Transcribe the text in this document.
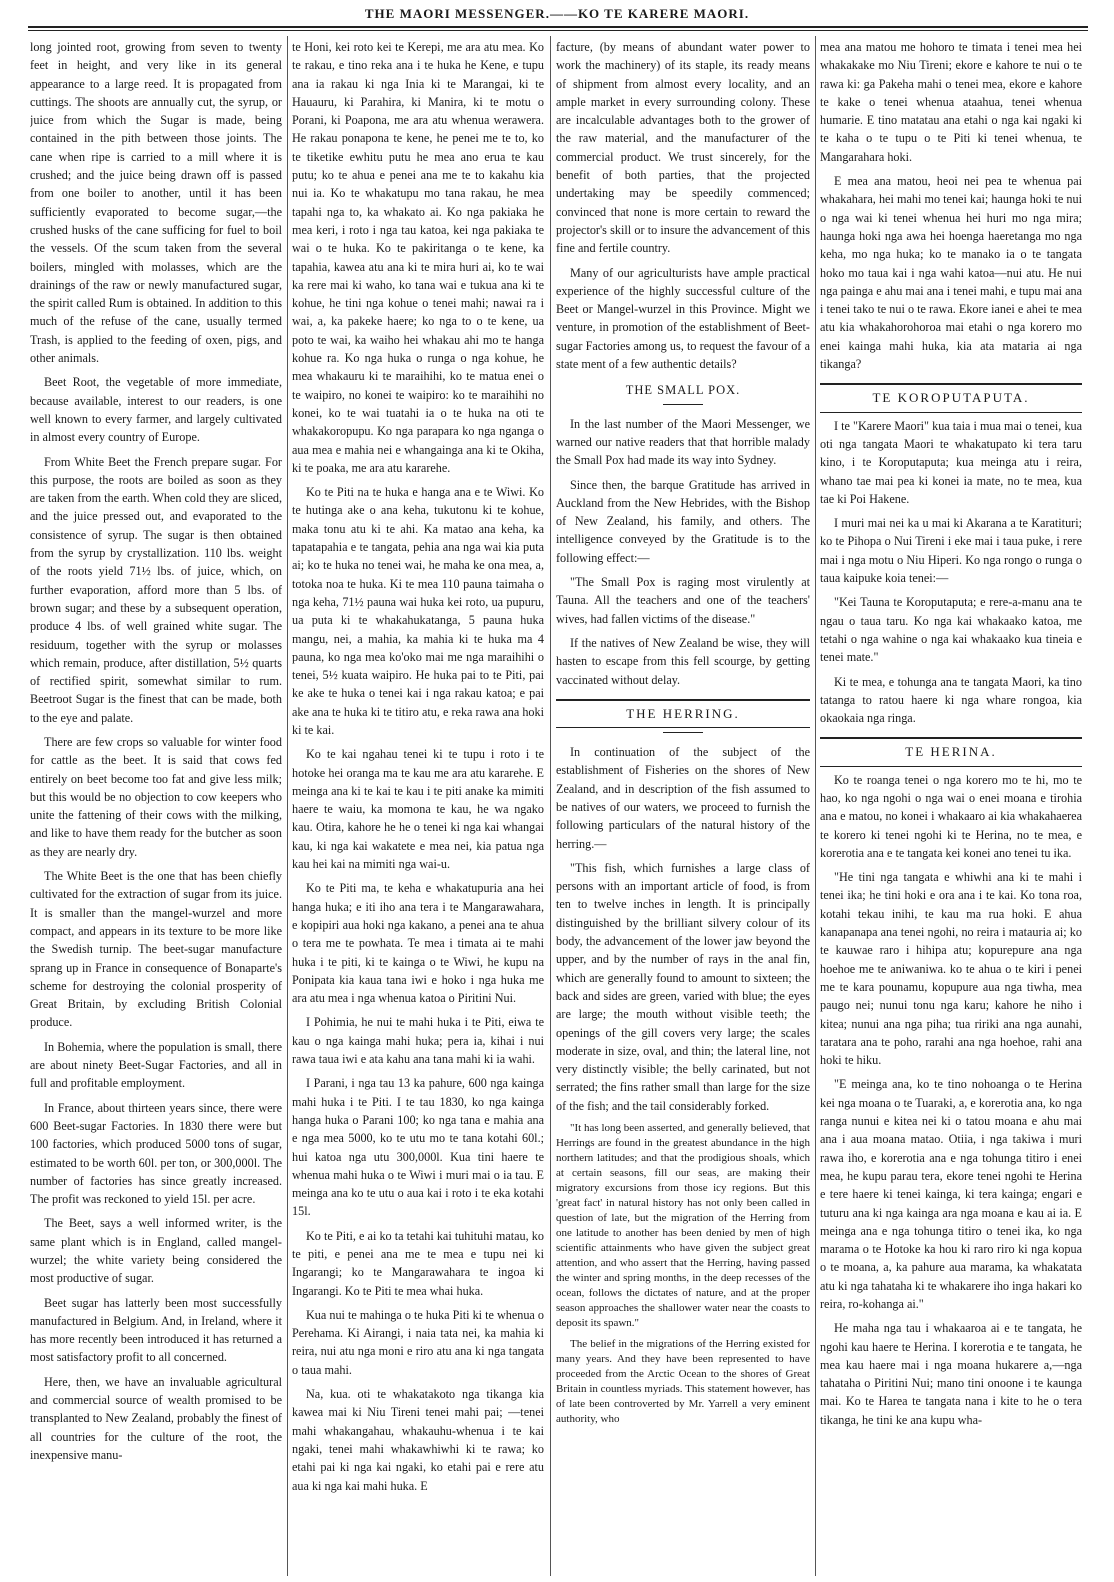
THE MAORI MESSENGER.——KO TE KARERE MAORI.

long jointed root, growing from seven to twenty feet in height, and very like in its general appearance to a large reed. It is propagated from cuttings. The shoots are annually cut, the syrup, or juice from which the Sugar is made, being contained in the pith between those joints. The cane when ripe is carried to a mill where it is crushed; and the juice being drawn off is passed from one boiler to another, until it has been sufficiently evaporated to become sugar,—the crushed husks of the cane sufficing for fuel to boil the vessels. Of the scum taken from the several boilers, mingled with molasses, which are the drainings of the raw or newly manufactured sugar, the spirit called Rum is obtained. In addition to this much of the refuse of the cane, usually termed Trash, is applied to the feeding of oxen, pigs, and other animals.

Beet Root, the vegetable of more immediate, because available, interest to our readers, is one well known to every farmer, and largely cultivated in almost every country of Europe.

From White Beet the French prepare sugar. For this purpose, the roots are boiled as soon as they are taken from the earth. When cold they are sliced, and the juice pressed out, and evaporated to the consistence of syrup. The sugar is then obtained from the syrup by crystallization. 110 lbs. weight of the roots yield 71½ lbs. of juice, which, on further evaporation, afford more than 5 lbs. of brown sugar; and these by a subsequent operation, produce 4 lbs. of well grained white sugar. The residuum, together with the syrup or molasses which remain, produce, after distillation, 5½ quarts of rectified spirit, somewhat similar to rum. Beetroot Sugar is the finest that can be made, both to the eye and palate.

There are few crops so valuable for winter food for cattle as the beet. It is said that cows fed entirely on beet become too fat and give less milk; but this would be no objection to cow keepers who unite the fattening of their cows with the milking, and like to have them ready for the butcher as soon as they are nearly dry.

The White Beet is the one that has been chiefly cultivated for the extraction of sugar from its juice. It is smaller than the mangel-wurzel and more compact, and appears in its texture to be more like the Swedish turnip. The beet-sugar manufacture sprang up in France in consequence of Bonaparte's scheme for destroying the colonial prosperity of Great Britain, by excluding British Colonial produce.

In Bohemia, where the population is small, there are about ninety Beet-Sugar Factories, and all in full and profitable employment.

In France, about thirteen years since, there were 600 Beet-sugar Factories. In 1830 there were but 100 factories, which produced 5000 tons of sugar, estimated to be worth 60l. per ton, or 300,000l. The number of factories has since greatly increased. The profit was reckoned to yield 15l. per acre.

The Beet, says a well informed writer, is the same plant which is in England, called mangel-wurzel; the white variety being considered the most productive of sugar.

Beet sugar has latterly been most successfully manufactured in Belgium. And, in Ireland, where it has more recently been introduced it has returned a most satisfactory profit to all concerned.

Here, then, we have an invaluable agricultural and commercial source of wealth promised to be transplanted to New Zealand, probably the finest of all countries for the culture of the root, the inexpensive manu-

te Honi, kei roto kei te Kerepi, me ara atu mea. Ko te rakau, e tino reka ana i te huka he Kene, e tupu ana ia rakau ki nga Inia ki te Marangai, ki te Hauauru, ki Parahira, ki Manira, ki te motu o Porani, ki Poapona, me ara atu whenua werawera. He rakau ponapona te kene, he penei me te to, ko te tiketike ewhitu putu he mea ano erua te kau putu; ko te ahua e penei ana me te to kakahu kia nui ia. Ko te whakatupu mo tana rakau, he mea tapahi nga to, ka whakato ai. Ko nga pakiaka he mea keri, i roto i nga tau katoa, kei nga pakiaka te wai o te huka. Ko te pakiritanga o te kene, ka tapahia, kawea atu ana ki te mira huri ai, ko te wai ka rere mai ki waho, ko tana wai e tukua ana ki te kohue, he tini nga kohue o tenei mahi; nawai ra i wai, a, ka pakeke haere; ko nga to o te kene, ua poto te wai, ka waiho hei whakau ahi mo te hanga kohue ra. Ko nga huka o runga o nga kohue, he mea whakauru ki te maraihihi, ko te matua enei o te waipiro, no konei te waipiro: ko te maraihihi no konei, ko te wai tuatahi ia o te huka na oti te whakakoropupu. Ko nga parapara ko nga nganga o aua mea e mahia nei e whangainga ana ki te Okiha, ki te poaka, me ara atu kararehe.

Ko te Piti na te huka e hanga ana e te Wiwi. Ko te hutinga ake o ana keha, tukutonu ki te kohue, maka tonu atu ki te ahi. Ka matao ana keha, ka tapatapahia e te tangata, pehia ana nga wai kia puta ai; ko te huka no tenei wai, he maha ke ona mea, a, totoka noa te huka. Ki te mea 110 pauna taimaha o nga keha, 71½ pauna wai huka kei roto, ua pupuru, ua puta ki te whakahukatanga, 5 pauna huka mangu, nei, a mahia, ka mahia ki te huka ma 4 pauna, ko nga mea ko'oko mai me nga maraihihi o tenei, 5½ kuata waipiro. He huka pai to te Piti, pai ke ake te huka o tenei kai i nga rakau katoa; e pai ake ana te huka ki te titiro atu, e reka rawa ana hoki ki te kai.

Ko te kai ngahau tenei ki te tupu i roto i te hotoke hei oranga ma te kau me ara atu kararehe. E meinga ana ki te kai te kau i te piti anake ka mimiti haere te waiu, ka momona te kau, he wa ngako kau. Otira, kahore he he o tenei ki nga kai whangai kau, ki nga kai wakatete e mea nei, kia patua nga kau hei kai na mimiti nga wai-u.

Ko te Piti ma, te keha e whakatupuria ana hei hanga huka; e iti iho ana tera i te Mangarawahara, e kopipiri aua hoki nga kakano, a penei ana te ahua o tera me te powhata. Te mea i timata ai te mahi huka i te piti, ki te kainga o te Wiwi, he kupu na Ponipata kia kaua tana iwi e hoko i nga huka me ara atu mea i nga whenua katoa o Piritini Nui.

I Pohimia, he nui te mahi huka i te Piti, eiwa te kau o nga kainga mahi huka; pera ia, kihai i nui rawa taua iwi e ata kahu ana tana mahi ki ia wahi.

I Parani, i nga tau 13 ka pahure, 600 nga kainga mahi huka i te Piti. I te tau 1830, ko nga kainga hanga huka o Parani 100; ko nga tana e mahia ana e nga mea 5000, ko te utu mo te tana kotahi 60l.; hui katoa nga utu 300,000l. Kua tini haere te whenua mahi huka o te Wiwi i muri mai o ia tau. E meinga ana ko te utu o aua kai i roto i te eka kotahi 15l.

Ko te Piti, e ai ko ta tetahi kai tuhituhi matau, ko te piti, e penei ana me te mea e tupu nei ki Ingarangi; ko te Mangarawahara te ingoa ki Ingarangi. Ko te Piti te mea whai huka.

Kua nui te mahinga o te huka Piti ki te whenua o Perehama. Ki Airangi, i naia tata nei, ka mahia ki reira, nui atu nga moni e riro atu ana ki nga tangata o taua mahi.

Na, kua. oti te whakatakoto nga tikanga kia kawea mai ki Niu Tireni tenei mahi pai; —tenei mahi whakangahau, whakauhu-whenua i te kai ngaki, tenei mahi whakawhiwhi ki te rawa; ko etahi pai ki nga kai ngaki, ko etahi pai e rere atu aua ki nga kai mahi huka. E

facture, (by means of abundant water power to work the machinery) of its staple, its ready means of shipment from almost every locality, and an ample market in every surrounding colony. These are incalculable advantages both to the grower of the raw material, and the manufacturer of the commercial product. We trust sincerely, for the benefit of both parties, that the projected undertaking may be speedily commenced; convinced that none is more certain to reward the projector's skill or to insure the advancement of this fine and fertile country.

Many of our agriculturists have ample practical experience of the highly successful culture of the Beet or Mangel-wurzel in this Province. Might we venture, in promotion of the establishment of Beet-sugar Factories among us, to request the favour of a state ment of a few authentic details?

THE SMALL POX.

In the last number of the Maori Messenger, we warned our native readers that that horrible malady the Small Pox had made its way into Sydney.

Since then, the barque Gratitude has arrived in Auckland from the New Hebrides, with the Bishop of New Zealand, his family, and others. The intelligence conveyed by the Gratitude is to the following effect:—

"The Small Pox is raging most virulently at Tauna. All the teachers and one of the teachers' wives, had fallen victims of the disease."

If the natives of New Zealand be wise, they will hasten to escape from this fell scourge, by getting vaccinated without delay.

THE HERRING.

In continuation of the subject of the establishment of Fisheries on the shores of New Zealand, and in description of the fish assumed to be natives of our waters, we proceed to furnish the following particulars of the natural history of the herring.—

"This fish, which furnishes a large class of persons with an important article of food, is from ten to twelve inches in length. It is principally distinguished by the brilliant silvery colour of its body, the advancement of the lower jaw beyond the upper, and by the number of rays in the anal fin, which are generally found to amount to sixteen; the back and sides are green, varied with blue; the eyes are large; the mouth without visible teeth; the openings of the gill covers very large; the scales moderate in size, oval, and thin; the lateral line, not very distinctly visible; the belly carinated, but not serrated; the fins rather small than large for the size of the fish; and the tail considerably forked.

"It has long been asserted, and generally believed, that Herrings are found in the greatest abundance in the high northern latitudes; and that the prodigious shoals, which at certain seasons, fill our seas, are making their migratory excursions from those icy regions. But this 'great fact' in natural history has not only been called in question of late, but the migration of the Herring from one latitude to another has been denied by men of high scientific attainments who have given the subject great attention, and who assert that the Herring, having passed the winter and spring months, in the deep recesses of the ocean, follows the dictates of nature, and at the proper season approaches the shallower water near the coasts to deposit its spawn."

The belief in the migrations of the Herring existed for many years. And they have been represented to have proceeded from the Arctic Ocean to the shores of Great Britain in countless myriads. This statement however, has of late been controverted by Mr. Yarrell a very eminent authority, who

mea ana matou me hohoro te timata i tenei mea hei whakakake mo Niu Tireni; ekore e kahore te nui o te rawa ki: ga Pakeha mahi o tenei mea, ekore e kahore te kake o tenei whenua ataahua, tenei whenua humarie. E tino matatau ana etahi o nga kai ngaki ki te kaha o te tupu o te Piti ki tenei whenua, te Mangarahara hoki.

E mea ana matou, heoi nei pea te whenua pai whakahara, hei mahi mo tenei kai; haunga hoki te nui o nga wai ki tenei whenua hei huri mo nga mira; haunga hoki nga awa hei hoenga haeretanga mo nga keha, mo nga huka; ko te manako ia o te tangata hoko mo taua kai i nga wahi katoa—nui atu. He nui nga painga e ahu mai ana i tenei mahi, e tupu mai ana i tenei tako te nui o te rawa. Ekore ianei e ahei te mea atu kia whakahorohoroa mai etahi o nga korero mo enei kainga mahi huka, kia ata mataria ai nga tikanga?

TE KOROPUTAPUTA.

I te "Karere Maori" kua taia i mua mai o tenei, kua oti nga tangata Maori te whakatupato ki tera taru kino, i te Koroputaputa; kua meinga atu i reira, whano tae mai pea ki konei ia mate, no te mea, kua tae ki Poi Hakene.

I muri mai nei ka u mai ki Akarana a te Karatituri; ko te Pihopa o Nui Tireni i eke mai i taua puke, i rere mai i nga motu o Niu Hiperi. Ko nga rongo o runga o taua kaipuke koia tenei:—

"Kei Tauna te Koroputaputa; e rere-a-manu ana te ngau o taua taru. Ko nga kai whakaako katoa, me tetahi o nga wahine o nga kai whakaako kua tineia e tenei mate."

Ki te mea, e tohunga ana te tangata Maori, ka tino tatanga to ratou haere ki nga whare rongoa, kia okaokaia nga ringa.

TE HERINA.

Ko te roanga tenei o nga korero mo te hi, mo te hao, ko nga ngohi o nga wai o enei moana e tirohia ana e matou, no konei i whakaaro ai kia whakahaerea te korero ki tenei ngohi ki te Herina, no te mea, e korerotia ana e te tangata kei konei ano tenei tu ika.

"He tini nga tangata e whiwhi ana ki te mahi i tenei ika; he tini hoki e ora ana i te kai. Ko tona roa, kotahi tekau inihi, te kau ma rua hoki. E ahua kanapanapa ana tenei ngohi, no reira i matauria ai; ko te kauwae raro i hihipa atu; kopurepure ana nga hoehoe me te aniwaniwa. ko te ahua o te kiri i penei me te kara pounamu, kopupure aua nga tiwha, mea paugo nei; nunui tonu nga karu; kahore he niho i kitea; nunui ana nga piha; tua ririki ana nga aunahi, taratara ana te poho, rarahi ana nga hoehoe, rahi ana hoki te hiku.

"E meinga ana, ko te tino nohoanga o te Herina kei nga moana o te Tuaraki, a, e korerotia ana, ko nga ranga nunui e kitea nei ki o tatou moana e ahu mai ana i aua moana matao. Otiia, i nga takiwa i muri rawa iho, e korerotia ana e nga tohunga titiro i enei mea, he kupu parau tera, ekore tenei ngohi te Herina e tere haere ki tenei kainga, ki tera kainga; engari e tuturu ana ki nga kainga ara nga moana e kau ai ia. E meinga ana e nga tohunga titiro o tenei ika, ko nga marama o te Hotoke ka hou ki raro riro ki nga kopua o te moana, a, ka pahure aua marama, ka whakatata atu ki nga tahataha ki te whakarere iho inga hakari ko reira, ro-kohanga ai."

He maha nga tau i whakaaroa ai e te tangata, he ngohi kau haere te Herina. I korerotia e te tangata, he mea kau haere mai i nga moana hukarere a,—nga tahataha o Piritini Nui; mano tini onoone i te kaunga mai. Ko te Harea te tangata nana i kite to he o tera tikanga, he tini ke ana kupu wha-
